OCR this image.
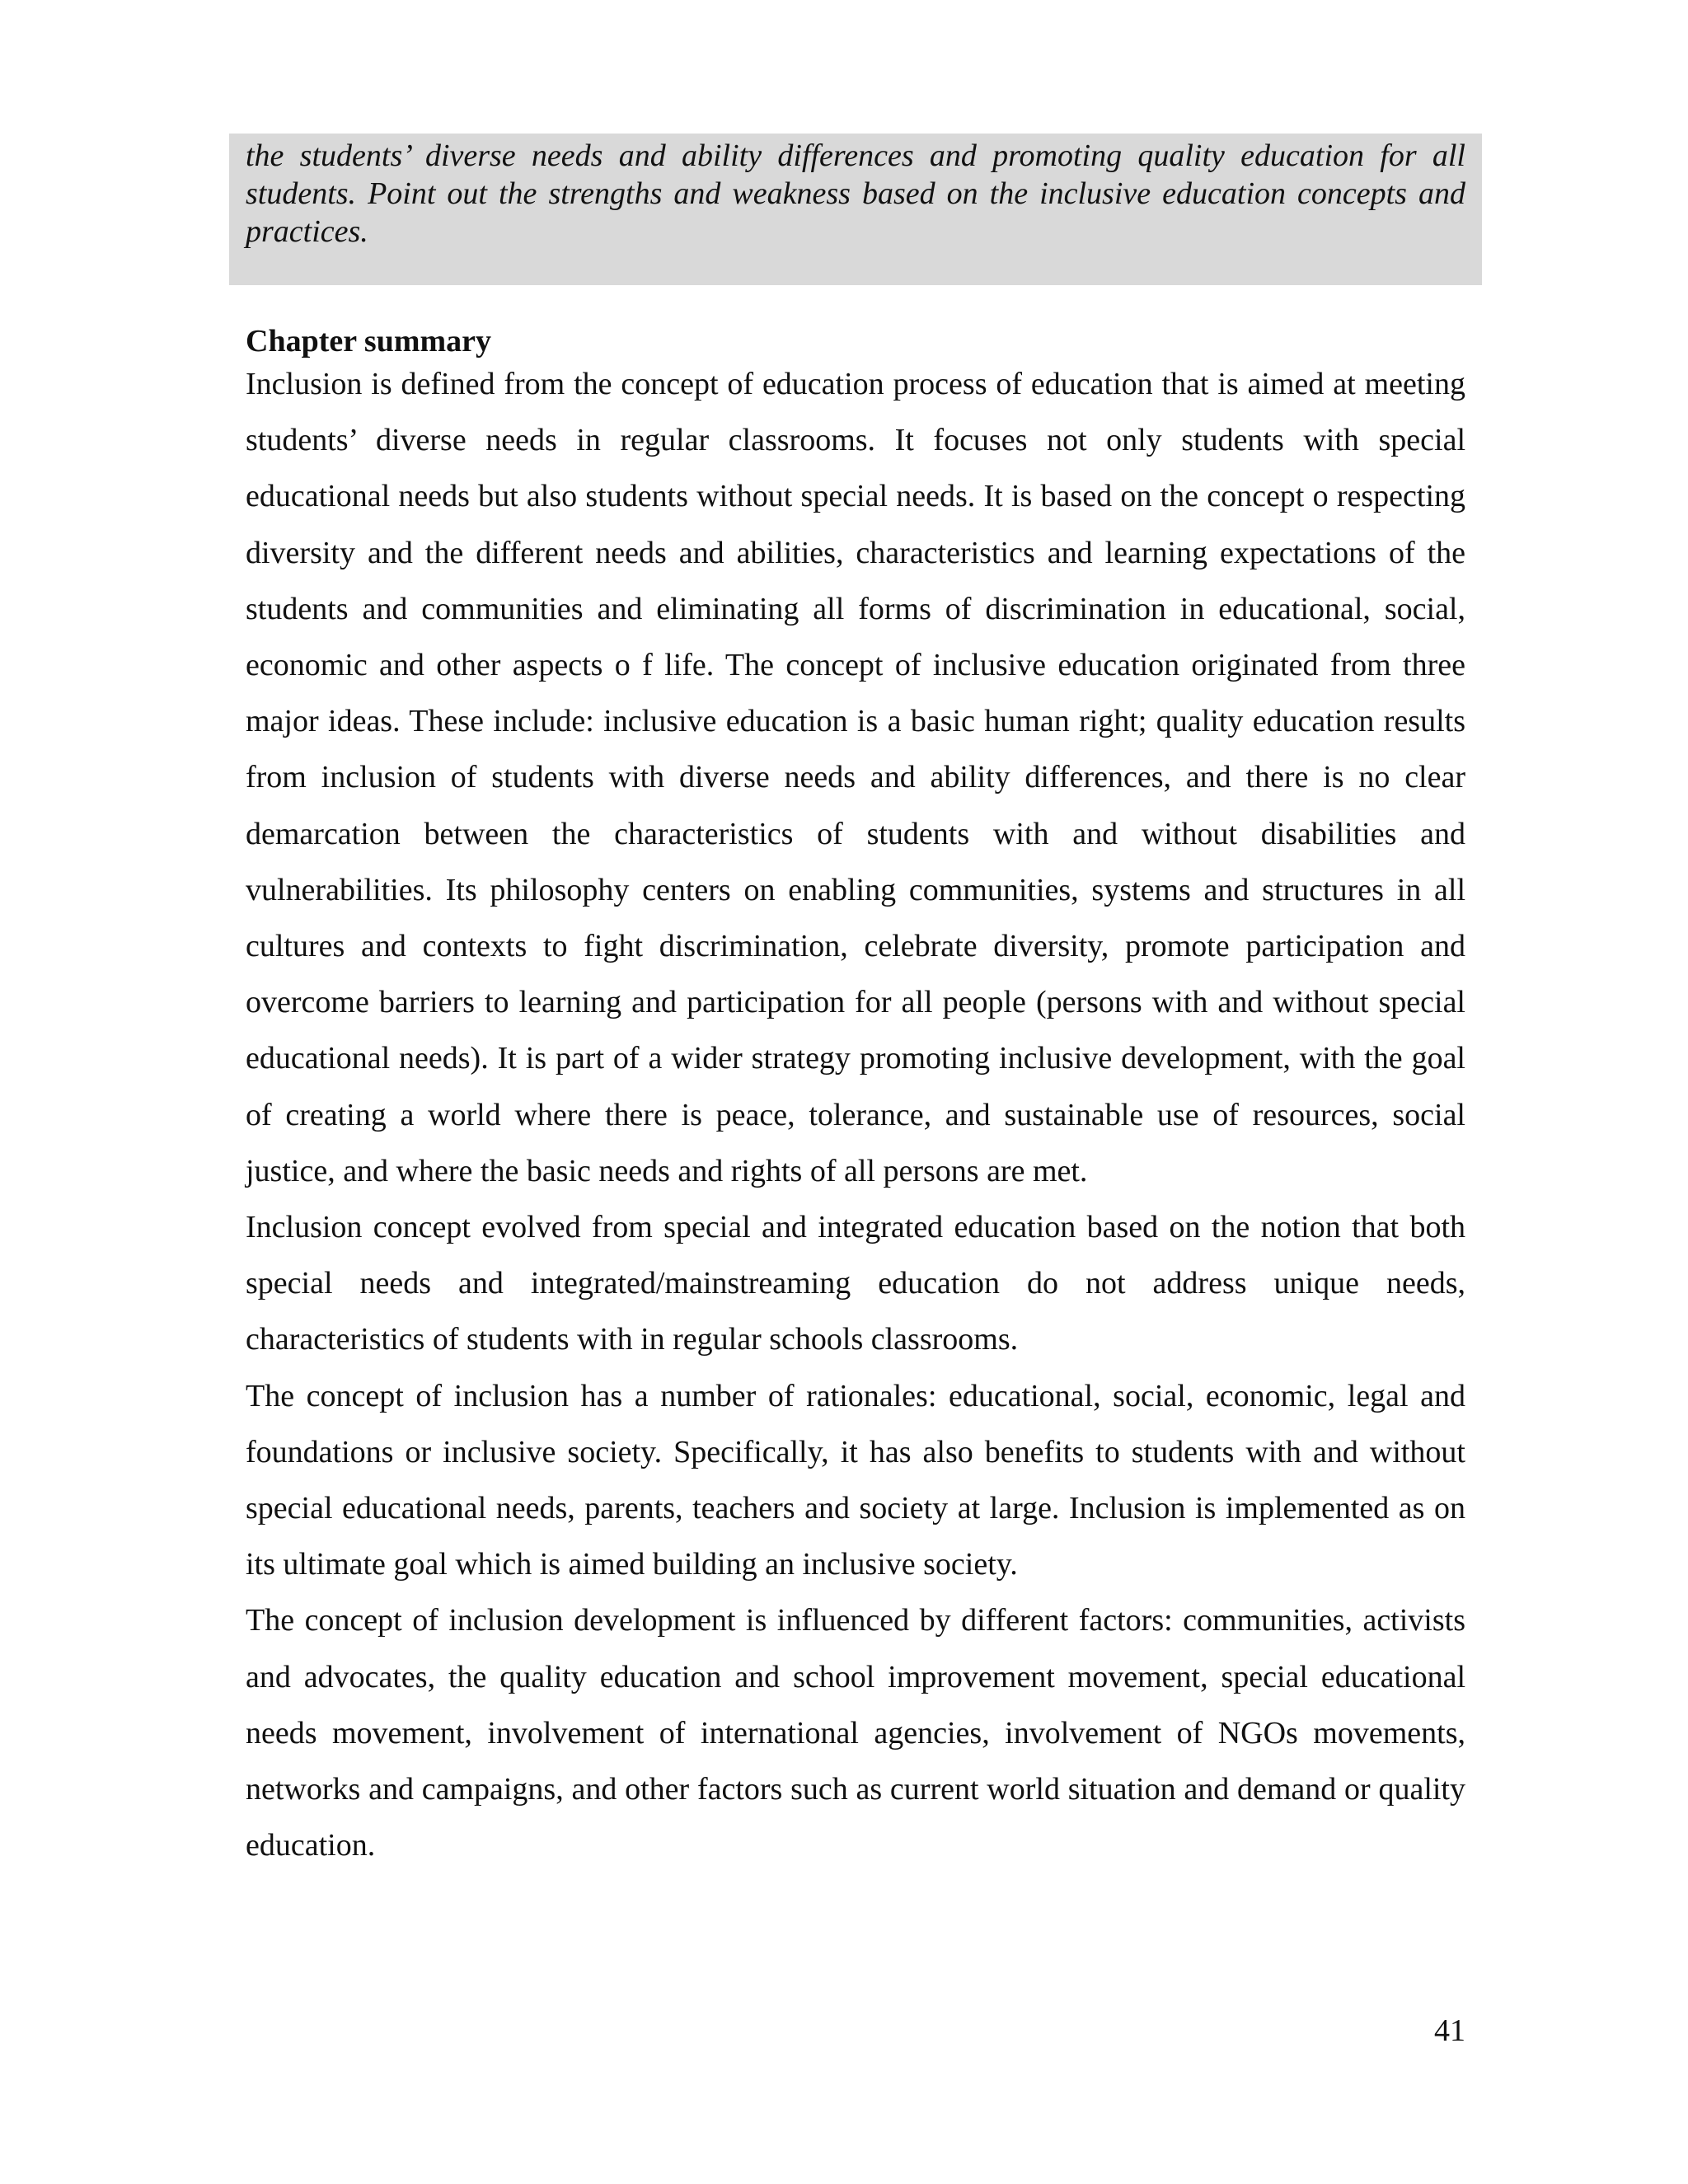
the students’ diverse needs and ability differences and promoting quality education for all students. Point out the strengths and weakness based on the inclusive education concepts and practices.

Chapter summary

Inclusion is defined from the concept of education process of education that is aimed at meeting students’ diverse needs in regular classrooms. It focuses not only students with special educational needs but also students without special needs. It is based on the concept o respecting diversity and the different needs and abilities, characteristics and learning expectations of the students and communities and eliminating all forms of discrimination in educational, social, economic and other aspects o f life. The concept of inclusive education originated from three major ideas. These include: inclusive education is a basic human right; quality education results from inclusion of students with diverse needs and ability differences, and there is no clear demarcation between the characteristics of students with and without disabilities and vulnerabilities. Its philosophy centers on enabling communities, systems and structures in all cultures and contexts to fight discrimination, celebrate diversity, promote participation and overcome barriers to learning and participation for all people (persons with and without special educational needs). It is part of a wider strategy promoting inclusive development, with the goal of creating a world where there is peace, tolerance, and sustainable use of resources, social justice, and where the basic needs and rights of all persons are met.

Inclusion concept evolved from special and integrated education based on the notion that both special needs and integrated/mainstreaming education do not address unique needs, characteristics of students with in regular schools classrooms.

The concept of inclusion has a number of rationales: educational, social, economic, legal and foundations or inclusive society. Specifically, it has also benefits to students with and without special educational needs, parents, teachers and society at large. Inclusion is implemented as on its ultimate goal which is aimed building an inclusive society.

The concept of inclusion development is influenced by different factors: communities, activists and advocates, the quality education and school improvement movement, special educational needs movement, involvement of international agencies, involvement of NGOs movements, networks and campaigns, and other factors such as current world situation and demand or quality education.

41
